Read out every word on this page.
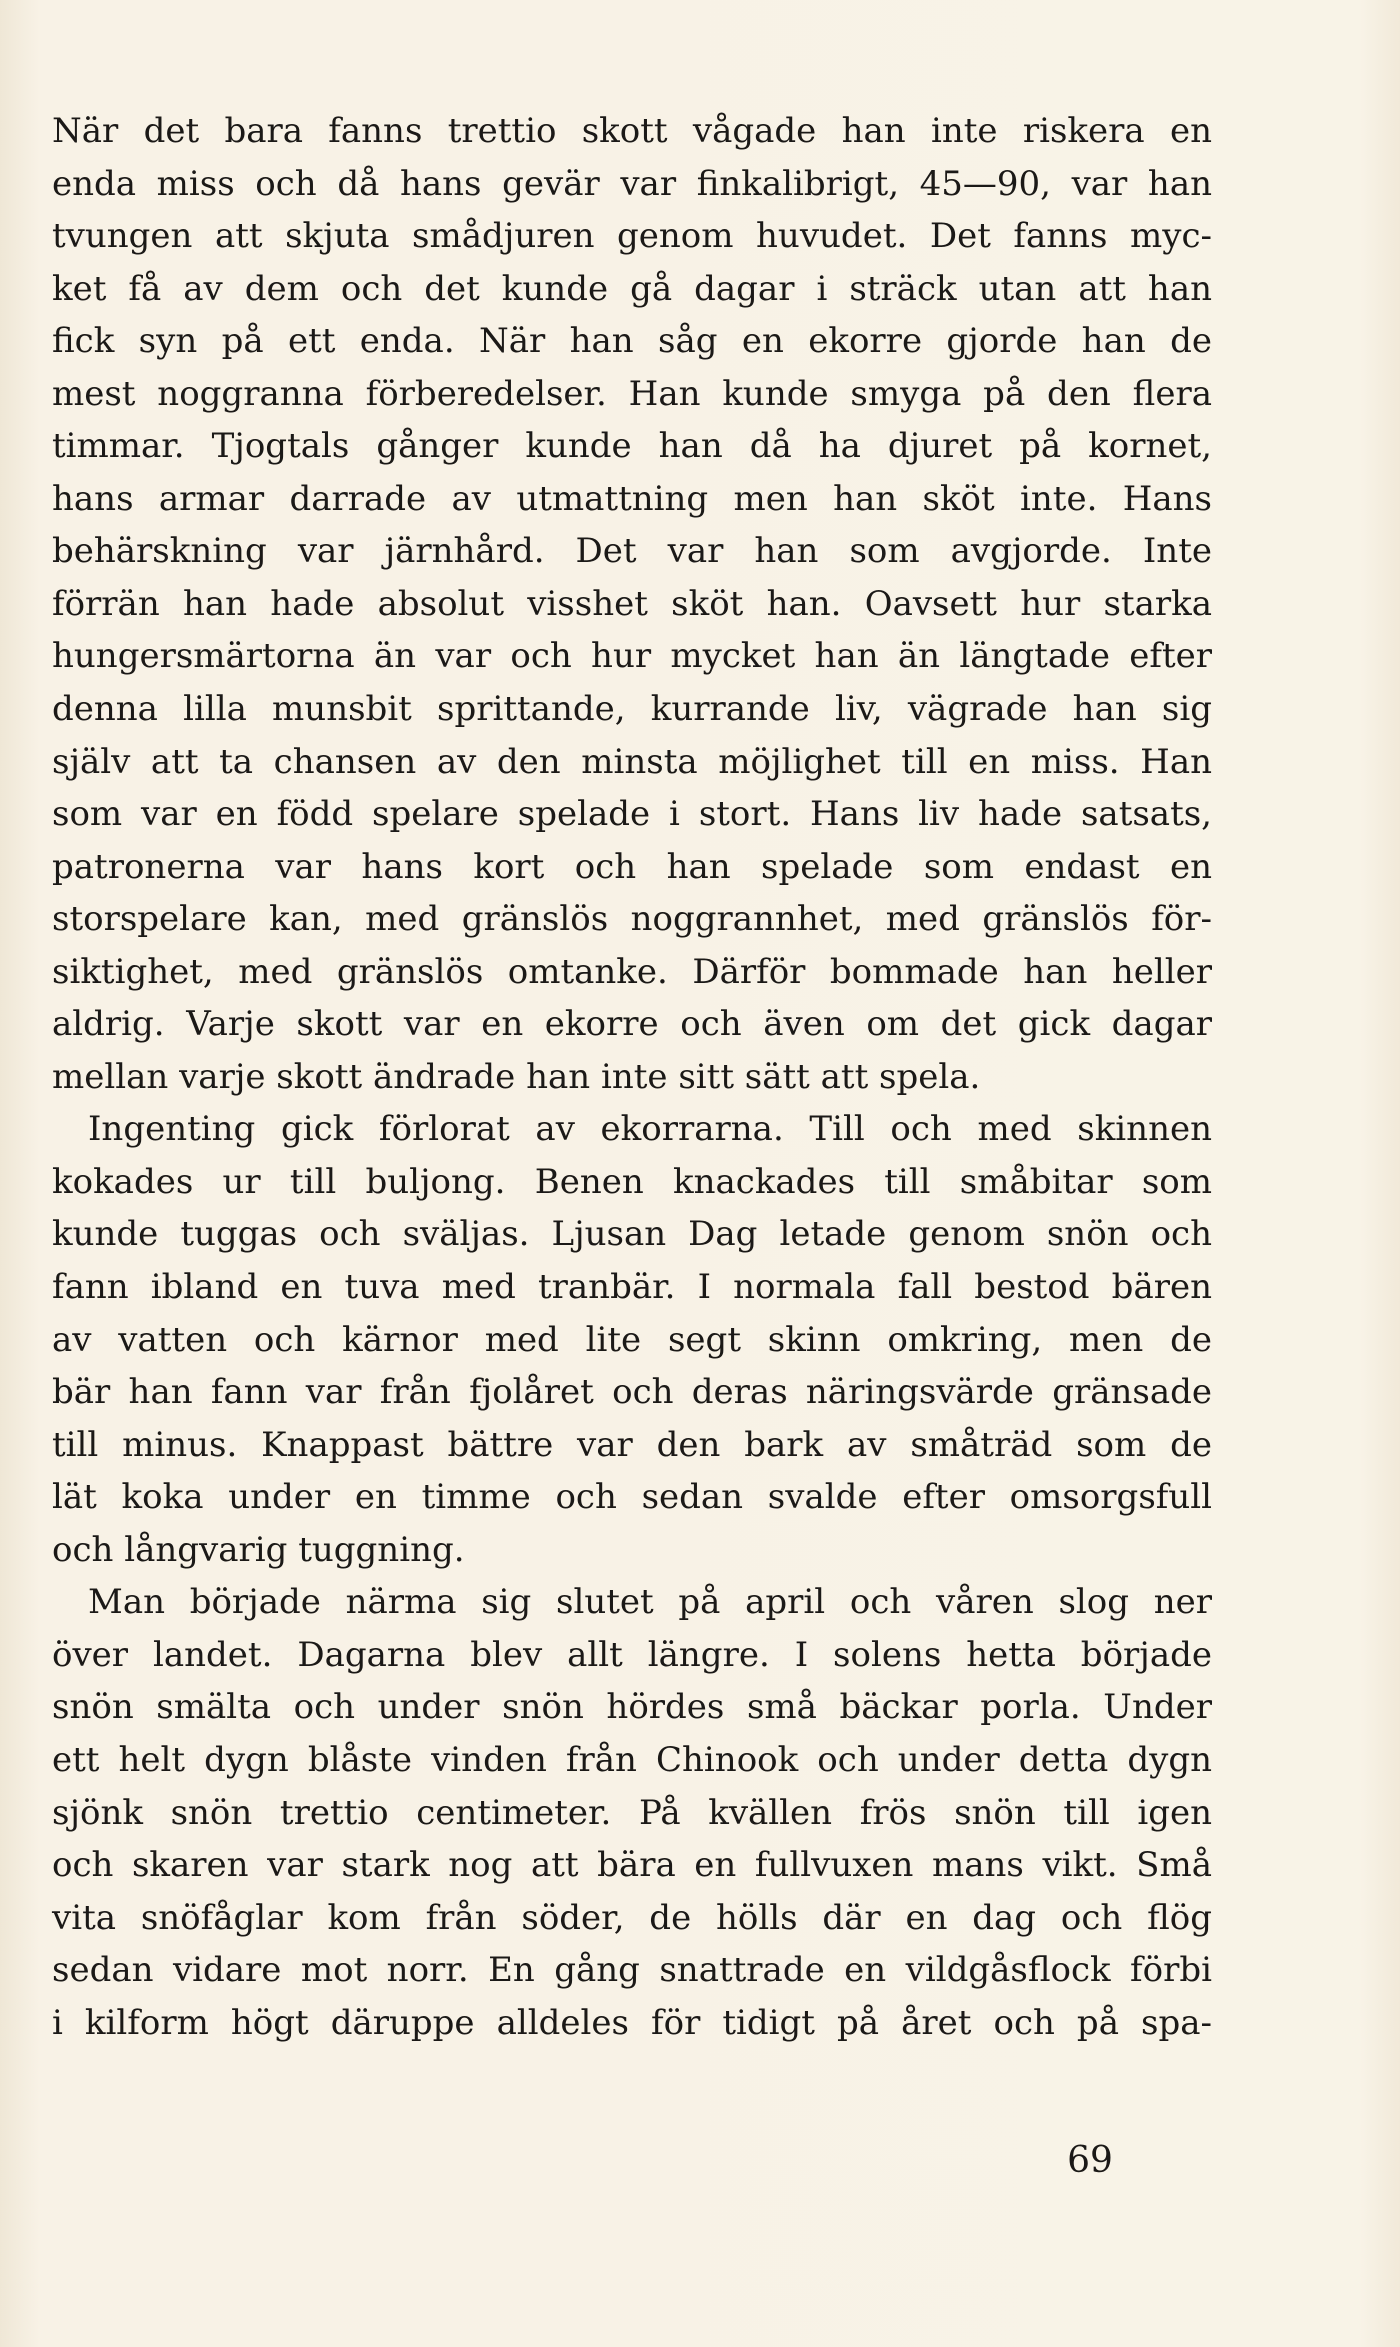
När det bara fanns trettio skott vågade han inte riskera en
enda miss och då hans gevär var finkalibrigt, 45—90, var han
tvungen att skjuta smådjuren genom huvudet. Det fanns myc-
ket få av dem och det kunde gå dagar i sträck utan att han
fick syn på ett enda. När han såg en ekorre gjorde han de
mest noggranna förberedelser. Han kunde smyga på den flera
timmar. Tjogtals gånger kunde han då ha djuret på kornet,
hans armar darrade av utmattning men han sköt inte. Hans
behärskning var järnhård. Det var han som avgjorde. Inte
förrän han hade absolut visshet sköt han. Oavsett hur starka
hungersmärtorna än var och hur mycket han än längtade efter
denna lilla munsbit sprittande, kurrande liv, vägrade han sig
själv att ta chansen av den minsta möjlighet till en miss. Han
som var en född spelare spelade i stort. Hans liv hade satsats,
patronerna var hans kort och han spelade som endast en
storspelare kan, med gränslös noggrannhet, med gränslös för-
siktighet, med gränslös omtanke. Därför bommade han heller
aldrig. Varje skott var en ekorre och även om det gick dagar
mellan varje skott ändrade han inte sitt sätt att spela.
Ingenting gick förlorat av ekorrarna. Till och med skinnen
kokades ur till buljong. Benen knackades till småbitar som
kunde tuggas och sväljas. Ljusan Dag letade genom snön och
fann ibland en tuva med tranbär. I normala fall bestod bären
av vatten och kärnor med lite segt skinn omkring, men de
bär han fann var från fjolåret och deras näringsvärde gränsade
till minus. Knappast bättre var den bark av småträd som de
lät koka under en timme och sedan svalde efter omsorgsfull
och långvarig tuggning.
Man började närma sig slutet på april och våren slog ner
över landet. Dagarna blev allt längre. I solens hetta började
snön smälta och under snön hördes små bäckar porla. Under
ett helt dygn blåste vinden från Chinook och under detta dygn
sjönk snön trettio centimeter. På kvällen frös snön till igen
och skaren var stark nog att bära en fullvuxen mans vikt. Små
vita snöfåglar kom från söder, de hölls där en dag och flög
sedan vidare mot norr. En gång snattrade en vildgåsflock förbi
i kilform högt däruppe alldeles för tidigt på året och på spa-
69
